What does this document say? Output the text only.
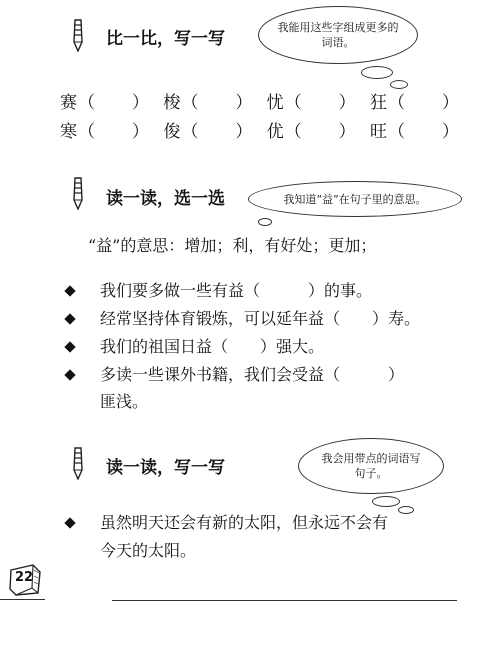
比一比，写一写
我能用这些字组成更多的词语。
赛（　　） 梭（　　） 忧（　　） 狂（　　）
寒（　　） 俊（　　） 优（　　） 旺（　　）
读一读，选一选	我知道“益”在句子里的意思。
“益”的意思：增加；利，有好处；更加；
我们要多做一些有益（　　　）的事。
经常坚持体育锻炼，可以延年益（　　）寿。
我们的祖国日益（　　）强大。
多读一些课外书籍，我们会受益（　　　）
匪浅。
读一读，写一写	我会用带点的词语写句子。
虽然明天还会有新的太阳，但永远不会有
今天的太阳。
22
